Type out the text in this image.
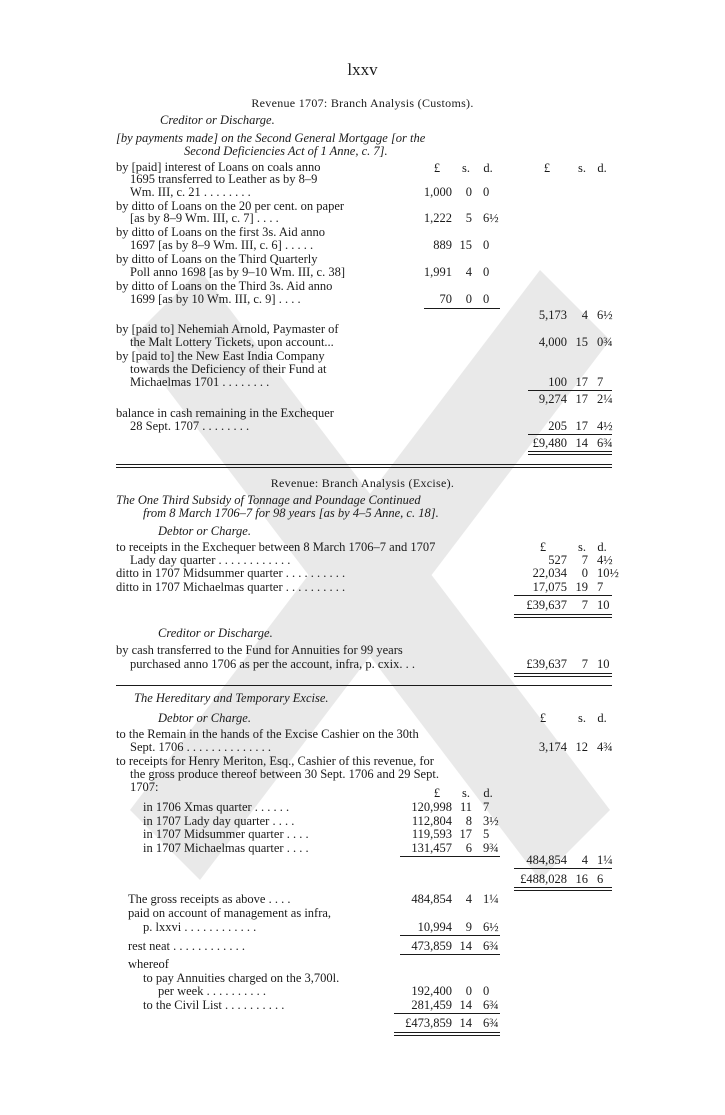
lxxv
Revenue 1707: Branch Analysis (Customs).
Creditor or Discharge.
[by payments made] on the Second General Mortgage [or the
Second Deficiencies Act of 1 Anne, c. 7].
£	s.	d.	£	s. d.
by [paid] interest of Loans on coals anno
1695 transferred to Leather as by 8–9
Wm. III, c. 21 . . . . . . . .	1,000	0 0
by ditto of Loans on the 20 per cent. on paper
[as by 8–9 Wm. III, c. 7] . . . .	1,222	5 6½
by ditto of Loans on the first 3s. Aid anno
1697 [as by 8–9 Wm. III, c. 6] . . . . .	889 15 0
by ditto of Loans on the Third Quarterly
Poll anno 1698 [as by 9–10 Wm. III, c. 38]	1,991	4 0
by ditto of Loans on the Third 3s. Aid anno
1699 [as by 10 Wm. III, c. 9] . . . .	70	0 0
5,173	4 6½
by [paid to] Nehemiah Arnold, Paymaster of
the Malt Lottery Tickets, upon account...	4,000 15 0¾
by [paid to] the New East India Company
towards the Deficiency of their Fund at
Michaelmas 1701 . . . . . . . .	100 17 7
9,274 17 2¼
balance in cash remaining in the Exchequer
28 Sept. 1707 . . . . . . . .	205 17 4½
£9,480 14 6¾
Revenue: Branch Analysis (Excise).
The One Third Subsidy of Tonnage and Poundage Continued
from 8 March 1706–7 for 98 years [as by 4–5 Anne, c. 18].
Debtor or Charge.
£	s. d.
to receipts in the Exchequer between 8 March 1706–7 and 1707
Lady day quarter . . . . . . . . . . . .	527	7 4½
ditto in 1707 Midsummer quarter . . . . . . . . . .	22,034	0 10½
ditto in 1707 Michaelmas quarter . . . . . . . . . .	17,075 19 7
£39,637	7 10
Creditor or Discharge.
by cash transferred to the Fund for Annuities for 99 years
purchased anno 1706 as per the account, infra, p. cxix. . .	£39,637	7 10
The Hereditary and Temporary Excise.
Debtor or Charge.	£	s. d.
to the Remain in the hands of the Excise Cashier on the 30th
Sept. 1706 . . . . . . . . . . . . . .	3,174 12 4¾
to receipts for Henry Meriton, Esq., Cashier of this revenue, for
the gross produce thereof between 30 Sept. 1706 and 29 Sept.
1707:	£	s.	d.
in 1706 Xmas quarter . . . . . .	120,998 11 7
in 1707 Lady day quarter . . . .	112,804	8 3½
in 1707 Midsummer quarter . . . .	119,593 17 5
in 1707 Michaelmas quarter . . . .	131,457	6 9¾
484,854	4 1¼
£488,028 16 6
The gross receipts as above . . . .	484,854	4 1¼
paid on account of management as infra,
p. lxxvi . . . . . . . . . . . .	10,994	9 6½
rest neat . . . . . . . . . . . .	473,859 14 6¾
whereof
to pay Annuities charged on the 3,700l.
per week . . . . . . . . . .	192,400	0 0
to the Civil List . . . . . . . . . .	281,459 14 6¾
£473,859 14 6¾
